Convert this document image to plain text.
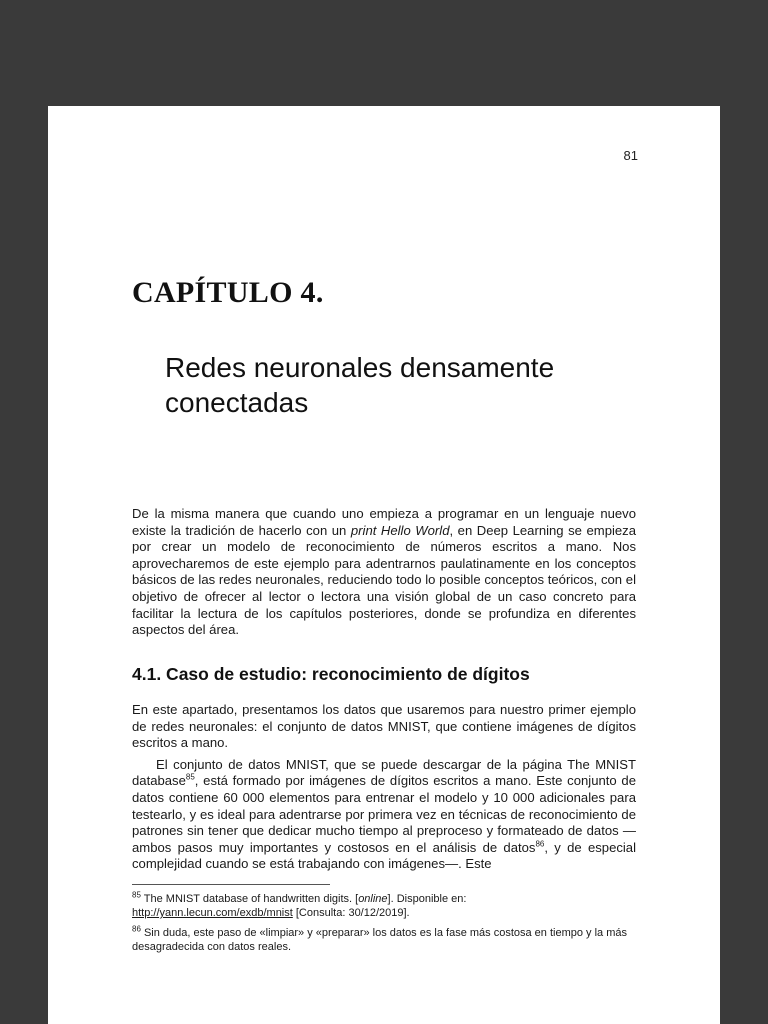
81
CAPÍTULO 4.
Redes neuronales densamente conectadas

De la misma manera que cuando uno empieza a programar en un lenguaje nuevo existe la tradición de hacerlo con un print Hello World, en Deep Learning se empieza por crear un modelo de reconocimiento de números escritos a mano. Nos aprovecharemos de este ejemplo para adentrarnos paulatinamente en los conceptos básicos de las redes neuronales, reduciendo todo lo posible conceptos teóricos, con el objetivo de ofrecer al lector o lectora una visión global de un caso concreto para facilitar la lectura de los capítulos posteriores, donde se profundiza en diferentes aspectos del área.

4.1. Caso de estudio: reconocimiento de dígitos

En este apartado, presentamos los datos que usaremos para nuestro primer ejemplo de redes neuronales: el conjunto de datos MNIST, que contiene imágenes de dígitos escritos a mano.

El conjunto de datos MNIST, que se puede descargar de la página The MNIST database$^{85}$, está formado por imágenes de dígitos escritos a mano. Este conjunto de datos contiene 60 000 elementos para entrenar el modelo y 10 000 adicionales para testearlo, y es ideal para adentrarse por primera vez en técnicas de reconocimiento de patrones sin tener que dedicar mucho tiempo al preproceso y formateado de datos —ambos pasos muy importantes y costosos en el análisis de datos$^{86}$, y de especial complejidad cuando se está trabajando con imágenes—. Este

$^{85}$ The MNIST database of handwritten digits. [online]. Disponible en:
http://yann.lecun.com/exdb/mnist [Consulta: 30/12/2019].

$^{86}$ Sin duda, este paso de «limpiar» y «preparar» los datos es la fase más costosa en tiempo y la más desagradecida con datos reales.
